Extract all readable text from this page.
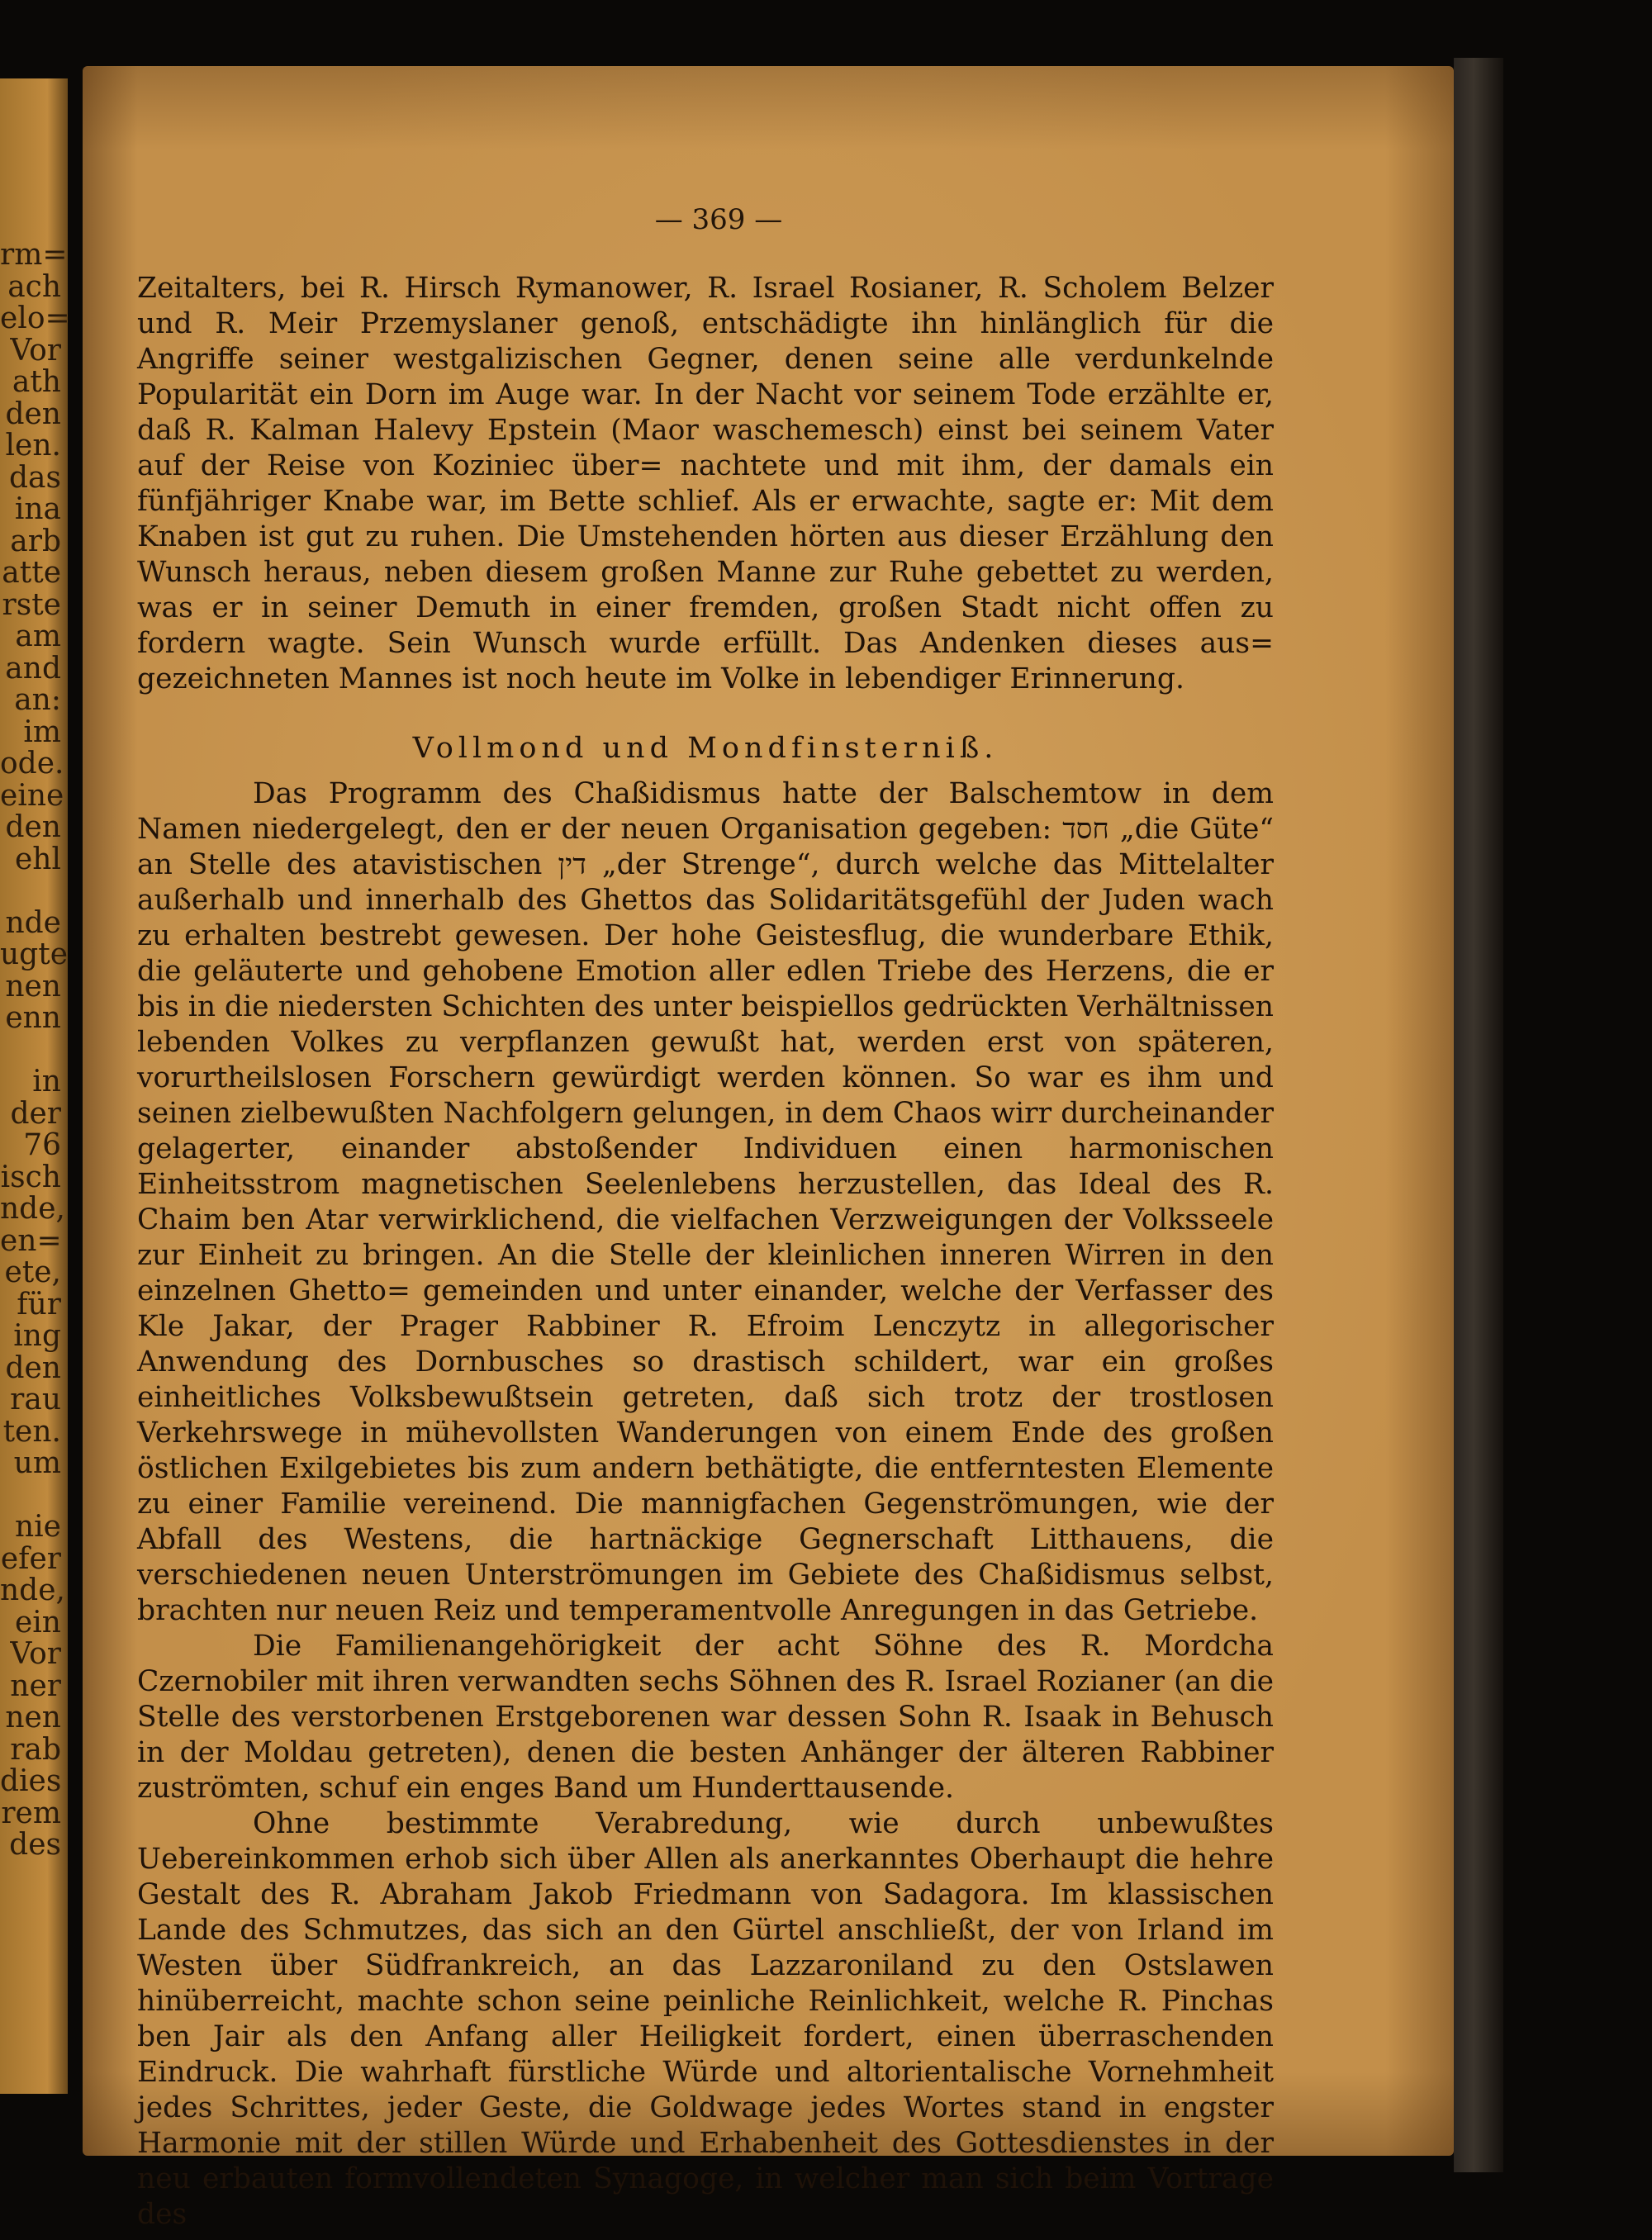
rm=
ach
elo=
Vor
ath
den
len.
das
ina
arb
atte
rste
am
and
an:
im
ode.
eine
den
ehl

nde
ugte
nen
enn

in
der
76
isch
nde,
en=
ete,
für
ing
den
rau
ten.
um

nie
efer
nde,
ein
Vor
ner
nen
rab
dies
rem
des
— 369 —

Zeitalters, bei R. Hirsch Rymanower, R. Israel Rosianer, R. Scholem Belzer und R. Meir Przemyslaner genoß, entschädigte ihn hinlänglich für die Angriffe seiner westgalizischen Gegner, denen seine alle verdunkelnde Popularität ein Dorn im Auge war. In der Nacht vor seinem Tode erzählte er, daß R. Kalman Halevy Epstein (Maor waschemesch) einst bei seinem Vater auf der Reise von Koziniec über= nachtete und mit ihm, der damals ein fünfjähriger Knabe war, im Bette schlief. Als er erwachte, sagte er: Mit dem Knaben ist gut zu ruhen. Die Umstehenden hörten aus dieser Erzählung den Wunsch heraus, neben diesem großen Manne zur Ruhe gebettet zu werden, was er in seiner Demuth in einer fremden, großen Stadt nicht offen zu fordern wagte. Sein Wunsch wurde erfüllt. Das Andenken dieses aus= gezeichneten Mannes ist noch heute im Volke in lebendiger Erinnerung.

Vollmond und Mondfinsterniß.

Das Programm des Chaßidismus hatte der Balschemtow in dem Namen niedergelegt, den er der neuen Organisation gegeben: חסד „die Güte“ an Stelle des atavistischen דין „der Strenge“, durch welche das Mittelalter außerhalb und innerhalb des Ghettos das Solidaritätsgefühl der Juden wach zu erhalten bestrebt gewesen. Der hohe Geistesflug, die wunderbare Ethik, die geläuterte und gehobene Emotion aller edlen Triebe des Herzens, die er bis in die niedersten Schichten des unter beispiellos gedrückten Verhältnissen lebenden Volkes zu verpflanzen gewußt hat, werden erst von späteren, vorurtheilslosen Forschern gewürdigt werden können. So war es ihm und seinen zielbewußten Nachfolgern gelungen, in dem Chaos wirr durcheinander gelagerter, einander abstoßender Individuen einen harmonischen Einheitsstrom magnetischen Seelenlebens herzustellen, das Ideal des R. Chaim ben Atar verwirklichend, die vielfachen Verzweigungen der Volksseele zur Einheit zu bringen. An die Stelle der kleinlichen inneren Wirren in den einzelnen Ghetto= gemeinden und unter einander, welche der Verfasser des Kle Jakar, der Prager Rabbiner R. Efroim Lenczytz in allegorischer Anwendung des Dornbusches so drastisch schildert, war ein großes einheitliches Volksbewußtsein getreten, daß sich trotz der trostlosen Verkehrswege in mühevollsten Wanderungen von einem Ende des großen östlichen Exilgebietes bis zum andern bethätigte, die entferntesten Elemente zu einer Familie vereinend. Die mannigfachen Gegenströmungen, wie der Abfall des Westens, die hartnäckige Gegnerschaft Litthauens, die verschiedenen neuen Unterströmungen im Gebiete des Chaßidismus selbst, brachten nur neuen Reiz und temperamentvolle Anregungen in das Getriebe.

Die Familienangehörigkeit der acht Söhne des R. Mordcha Czernobiler mit ihren verwandten sechs Söhnen des R. Israel Rozianer (an die Stelle des verstorbenen Erstgeborenen war dessen Sohn R. Isaak in Behusch in der Moldau getreten), denen die besten Anhänger der älteren Rabbiner zuströmten, schuf ein enges Band um Hunderttausende.

Ohne bestimmte Verabredung, wie durch unbewußtes Uebereinkommen erhob sich über Allen als anerkanntes Oberhaupt die hehre Gestalt des R. Abraham Jakob Friedmann von Sadagora. Im klassischen Lande des Schmutzes, das sich an den Gürtel anschließt, der von Irland im Westen über Südfrankreich, an das Lazzaroniland zu den Ostslawen hinüberreicht, machte schon seine peinliche Reinlichkeit, welche R. Pinchas ben Jair als den Anfang aller Heiligkeit fordert, einen überraschenden Eindruck. Die wahrhaft fürstliche Würde und altorientalische Vornehmheit jedes Schrittes, jeder Geste, die Goldwage jedes Wortes stand in engster Harmonie mit der stillen Würde und Erhabenheit des Gottesdienstes in der neu erbauten formvollendeten Synagoge, in welcher man sich beim Vortrage des
